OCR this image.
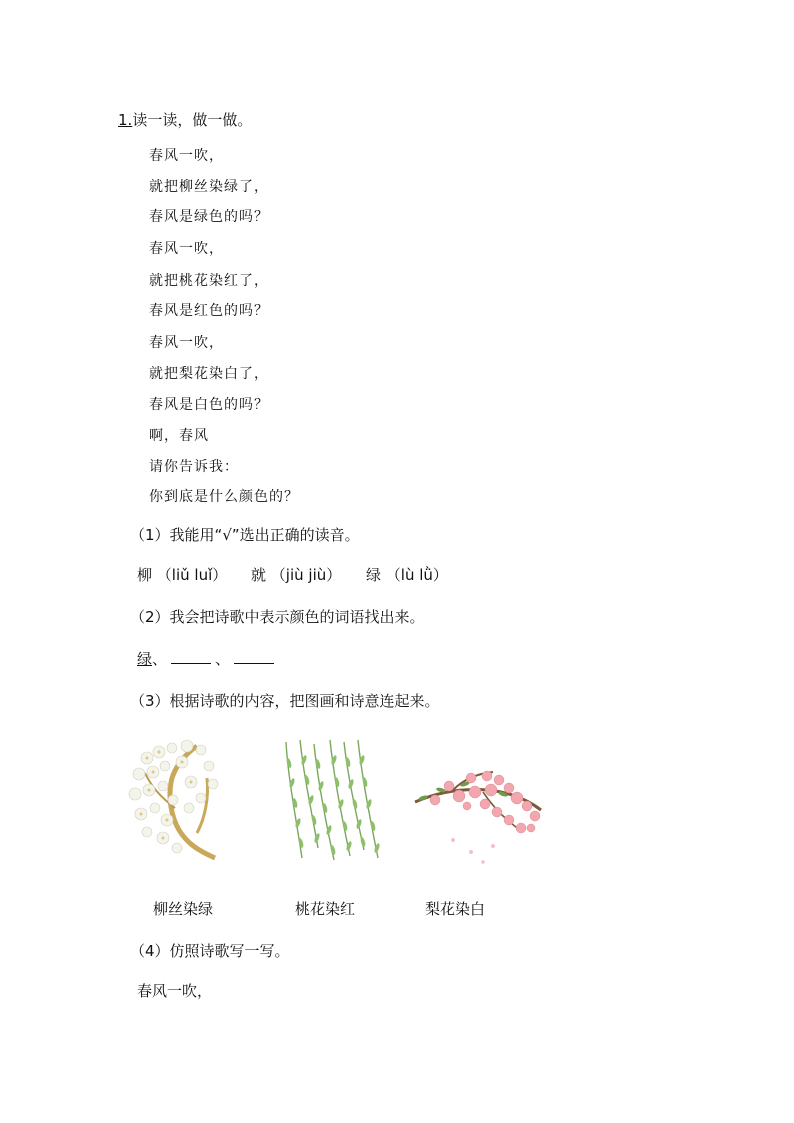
1.读一读，做一做。
春风一吹，
就把柳丝染绿了，
春风是绿色的吗？
春风一吹，
就把桃花染红了，
春风是红色的吗？
春风一吹，
就把梨花染白了，
春风是白色的吗？
啊，春风
请你告诉我：
你到底是什么颜色的？
（1）我能用“√”选出正确的读音。
柳 （liǔ luǐ） 就 （jiù jiù） 绿 （lù lǜ）
（2）我会把诗歌中表示颜色的词语找出来。
绿、	、
（3）根据诗歌的内容，把图画和诗意连起来。
柳丝染绿	桃花染红	梨花染白
（4）仿照诗歌写一写。
春风一吹，
